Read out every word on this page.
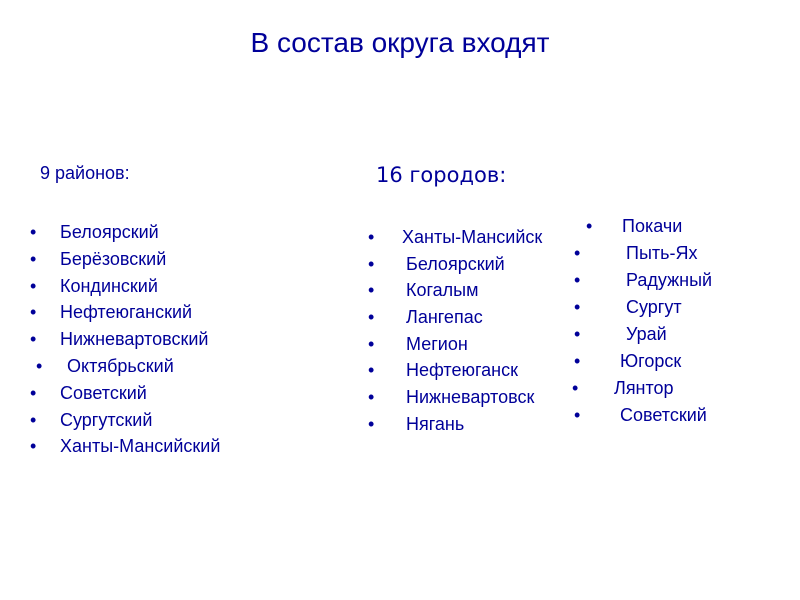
В состав округа входят
9 районов:	16 городов:
• Белоярский
• Берёзовский
• Кондинский
• Нефтеюганский
• Нижневартовский
• Октябрьский
• Советский
• Сургутский
• Ханты-Мансийский
• Ханты-Мансийск
• Белоярский
• Когалым
• Лангепас
• Мегион
• Нефтеюганск
• Нижневартовск
• Нягань
• Покачи
•	Пыть-Ях
•	Радужный
•	Сургут
•	Урай
• Югорск
• Лянтор
• Советский
